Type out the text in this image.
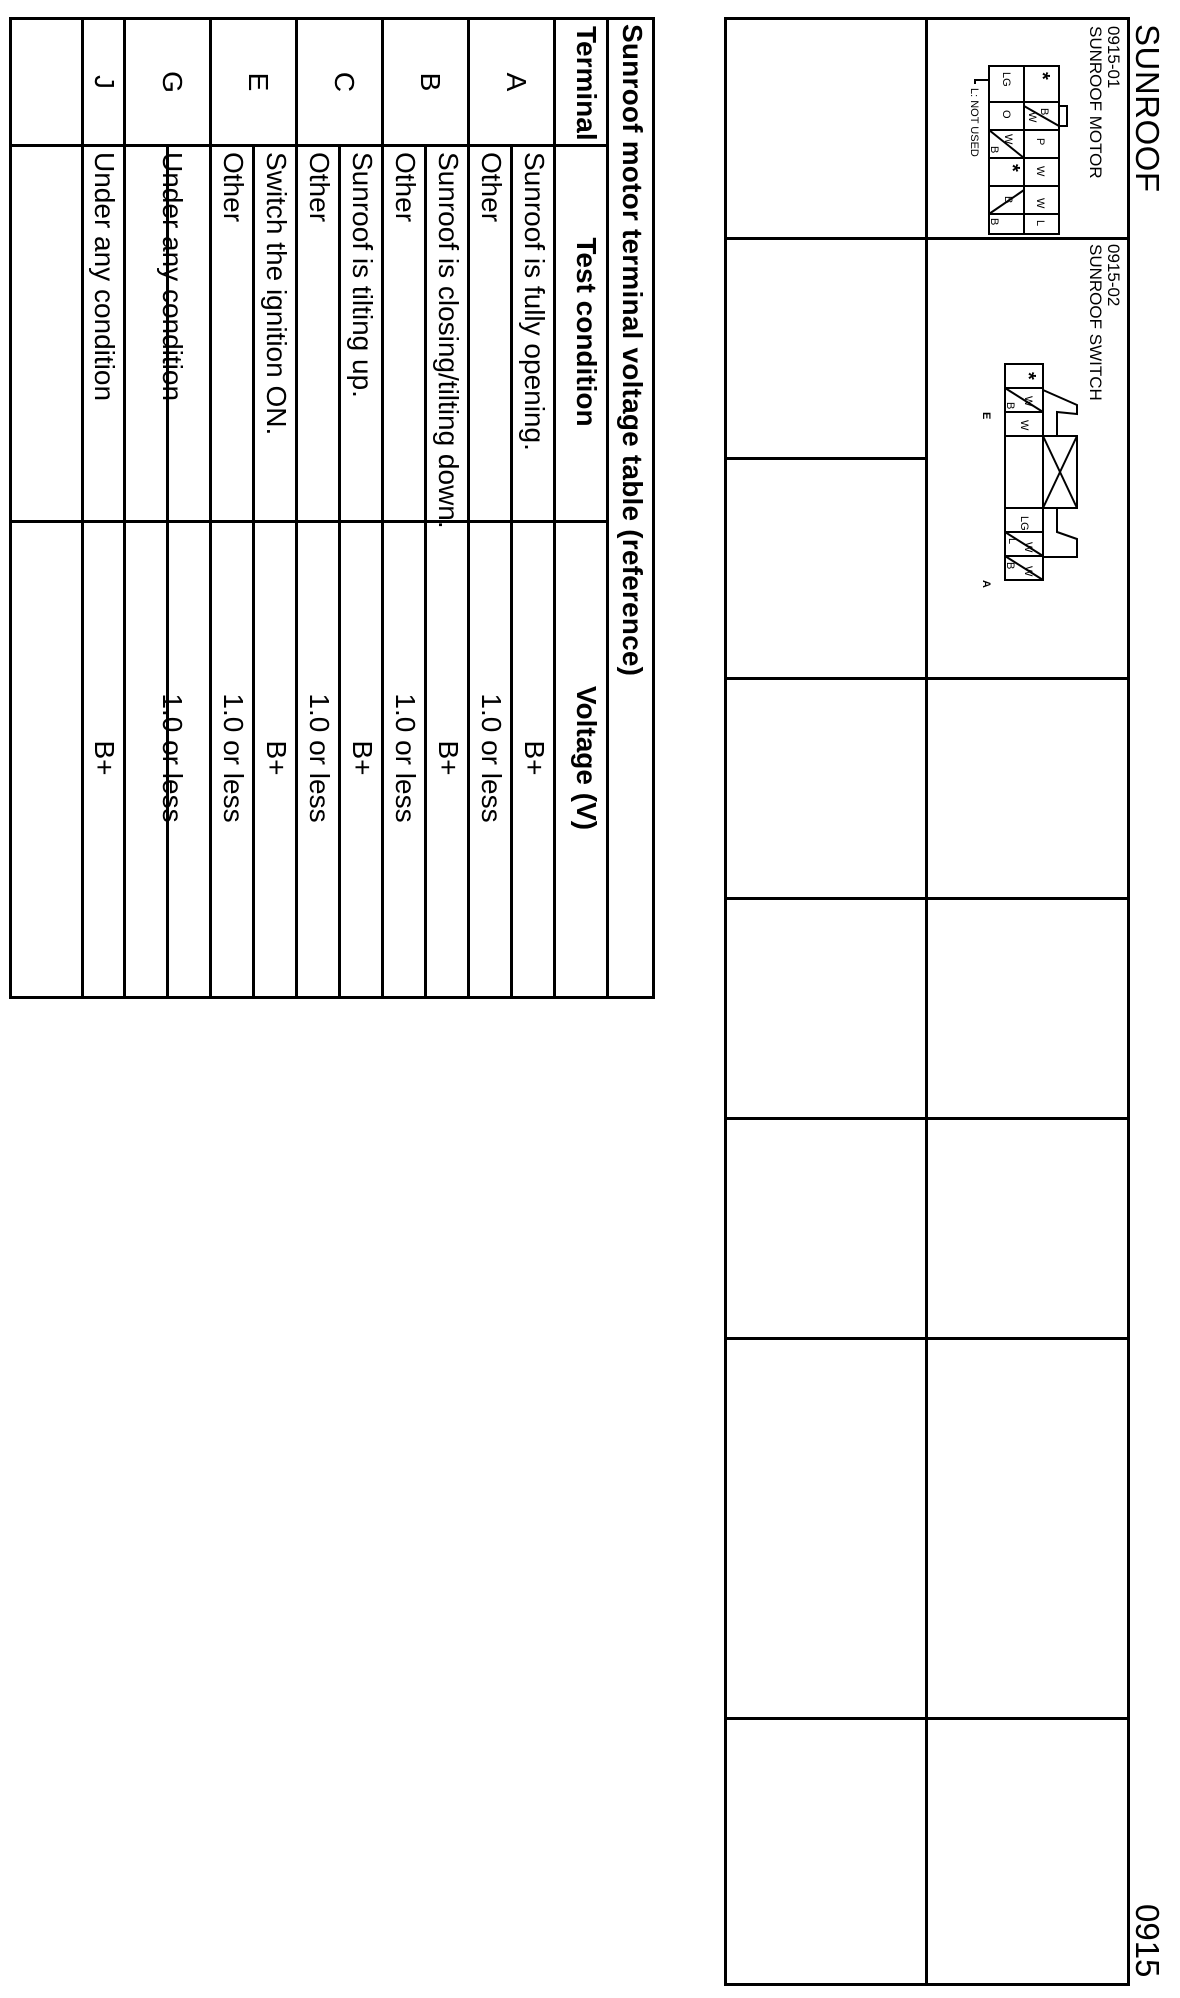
SUNROOF
0915
0915-01
SUNROOF MOTOR
*
B
W
LG
O
W	P
W
B
L
*
W
B
B
L: NOT USED
0915-02
SUNROOF SWITCH
*
W
B
W
LG
W
L
W
B
E
A
Sunroof motor terminal voltage table (reference)
Terminal
Test condition
Voltage (V)
A
Sunroof is fully opening.
B+
Other
1.0 or less
B
Sunroof is closing/tilting down.
B+
Other
1.0 or less
C
Sunroof is tilting up.
B+
Other
1.0 or less
E
Switch the ignition ON.
B+
Other
1.0 or less
G
Under any condition
1.0 or less
J
Under any condition
B+
